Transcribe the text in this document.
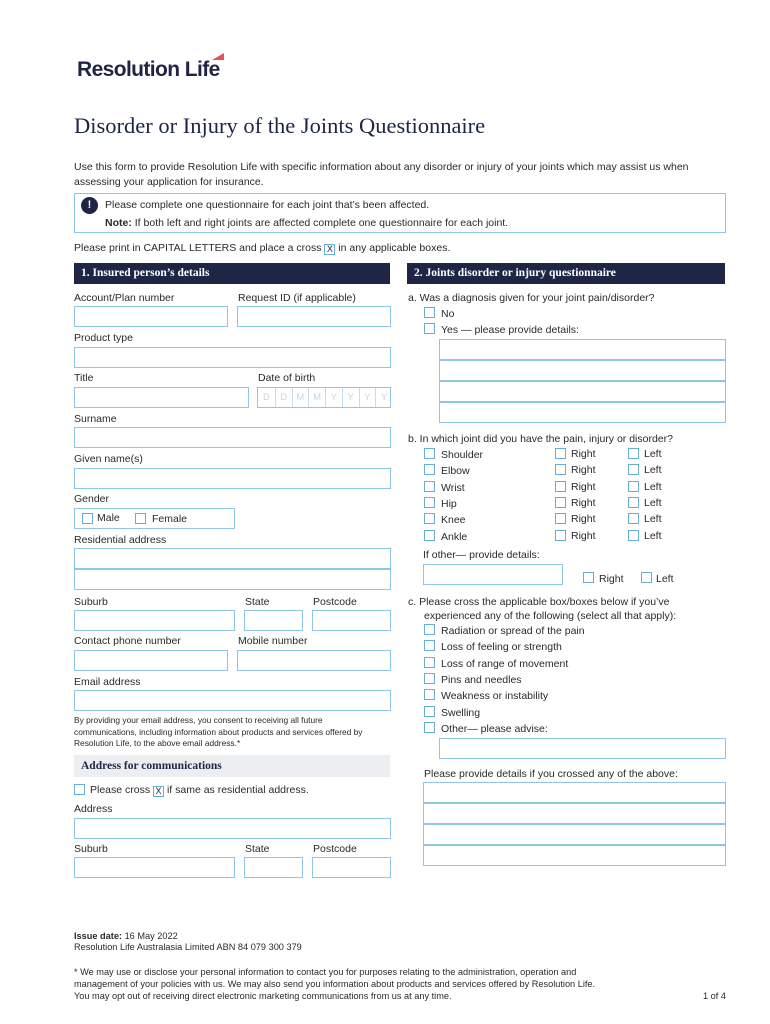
Resolution Life
Disorder or Injury of the Joints Questionnaire
Use this form to provide Resolution Life with specific information about any disorder or injury of your joints which may assist us when assessing your application for insurance.
!	Please complete one questionnaire for each joint that’s been affected.
Note: If both left and right joints are affected complete one questionnaire for each joint.
Please print in CAPITAL LETTERS and place a cross X in any applicable boxes.
1. Insured person’s details
Account/Plan number	Request ID (if applicable)
Product type
Title	Date of birth
D	D M M	Y	Y	Y	Y
Surname
Given name(s)
Gender
Male	Female
Residential address
Suburb	State	Postcode
Contact phone number	Mobile number
Email address
By providing your email address, you consent to receiving all future communications, including information about products and services offered by Resolution Life, to the above email address.*
Address for communications
Please cross X if same as residential address.
Address
Suburb	State	Postcode
2. Joints disorder or injury questionnaire
a. Was a diagnosis given for your joint pain/disorder?
No
Yes — please provide details:
b. In which joint did you have the pain, injury or disorder?
Shoulder	Right	Left
Elbow	Right	Left
Wrist	Right	Left
Hip	Right	Left
Knee	Right	Left
Ankle	Right	Left
If other— provide details:
Right	Left
c. Please cross the applicable box/boxes below if you’ve
experienced any of the following (select all that apply):
Radiation or spread of the pain
Loss of feeling or strength
Loss of range of movement
Pins and needles
Weakness or instability
Swelling
Other— please advise:
Please provide details if you crossed any of the above:
Issue date: 16 May 2022
Resolution Life Australasia Limited ABN 84 079 300 379
* We may use or disclose your personal information to contact you for purposes relating to the administration, operation and
management of your policies with us. We may also send you information about products and services offered by Resolution Life.
You may opt out of receiving direct electronic marketing communications from us at any time.	1 of 4
